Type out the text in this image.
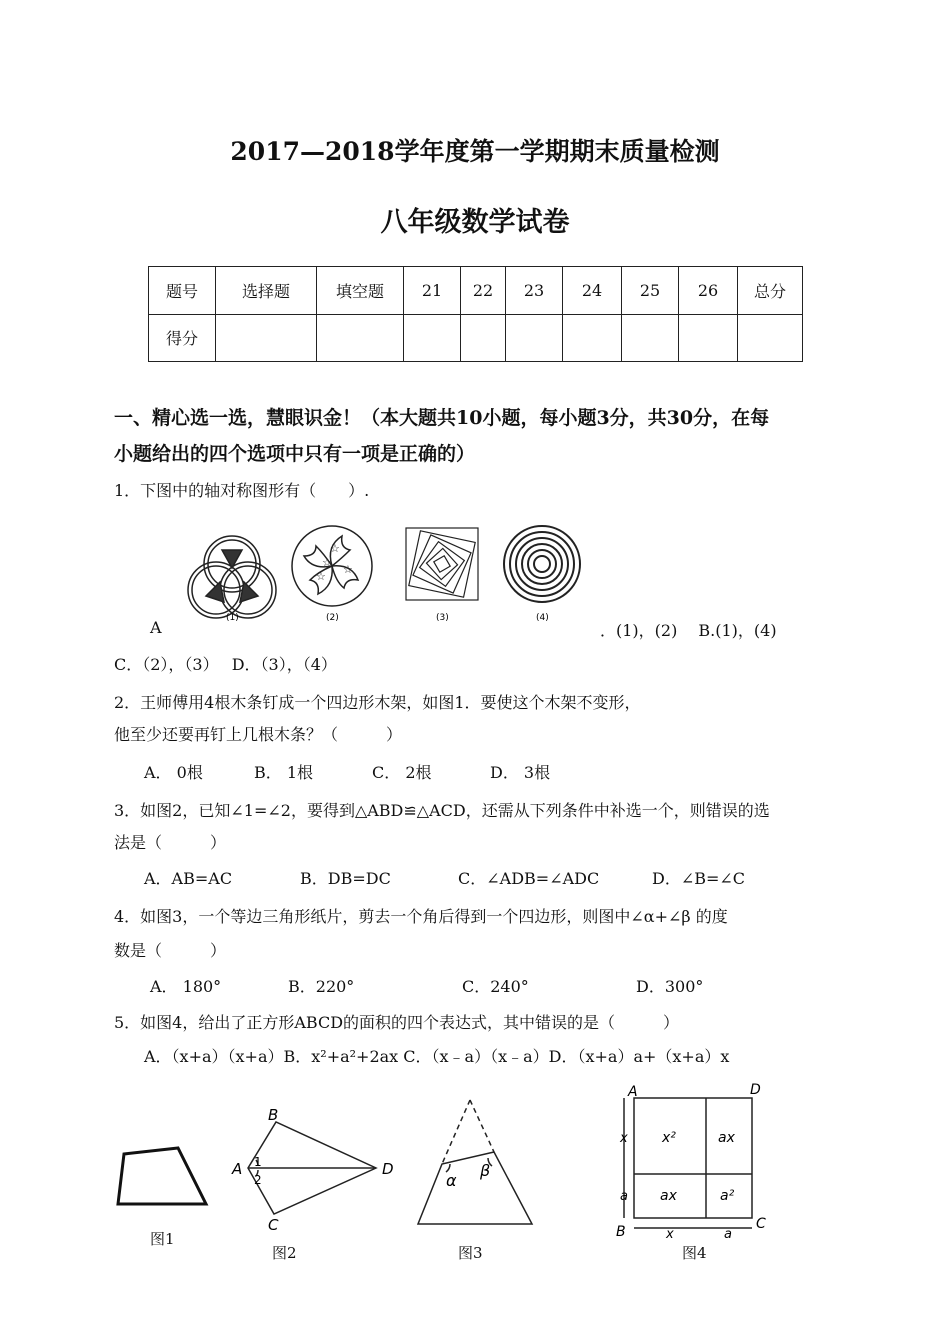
2017—2018学年度第一学期期末质量检测
八年级数学试卷
题号	选择题	填空题	21	22	23	24	25	26	总分
得分									
一、精心选一选，慧眼识金！（本大题共10小题，每小题3分，共30分，在每
小题给出的四个选项中只有一项是正确的）
1．下图中的轴对称图形有（　　）.
(1)
☆
☆
☆
☆
(2)	(3)	(4)
A	．(1)，(2)　 B.(1)，(4)
C．（2），（3）　 D．（3），（4）
2．王师傅用4根木条钉成一个四边形木架，如图1．要使这个木架不变形，
他至少还要再钉上几根木条？（　　　）
A． 0根	B． 1根	C． 2根	D． 3根
3．如图2，已知∠1=∠2，要得到△ABD≌△ACD，还需从下列条件中补选一个，则错误的选
法是（　　　）
A．AB=AC	B．DB=DC	C．∠ADB=∠ADC	D．∠B=∠C
4．如图3，一个等边三角形纸片，剪去一个角后得到一个四边形，则图中∠α+∠β 的度
数是（　　　）
A． 180°	B．220°	C．240°	D．300°
5．如图4，给出了正方形ABCD的面积的四个表达式，其中错误的是（　　　）
A．（x+a）（x+a）B．x²+a²+2ax C．（x﹣a）（x﹣a）D．（x+a）a+（x+a）x
图1
B
A	D
C
1
2
图2
α
β
图3
A	D
B	C
x²	ax
ax	a²
x
a
x	a
图4
